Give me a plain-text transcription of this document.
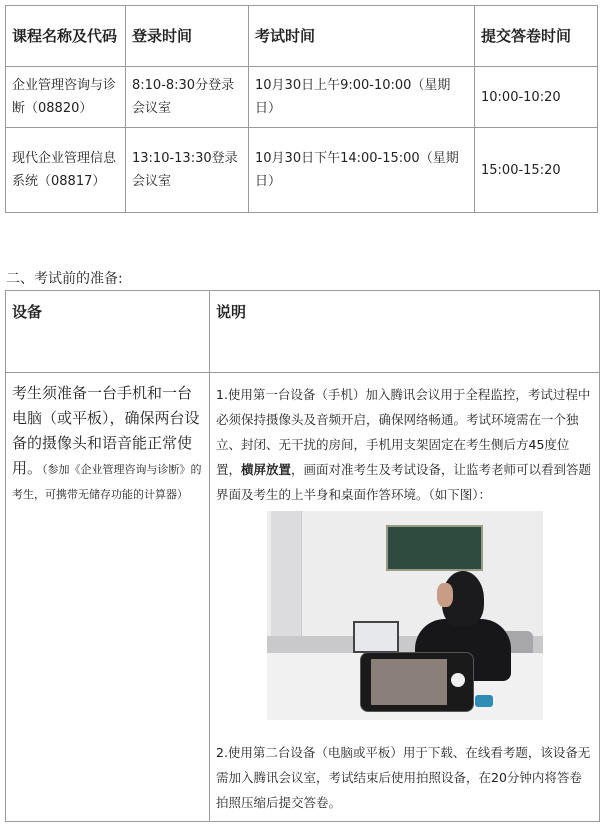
课程名称及代码	登录时间	考试时间	提交答卷时间
企业管理咨询与诊断（08820）	8:10-8:30分登录会议室	10月30日上午9:00-10:00（星期日）	10:00-10:20
现代企业管理信息系统（08817）	13:10-13:30登录会议室	10月30日下午14:00-15:00（星期日）	15:00-15:20
二、考试前的准备:
设备	说明
考生须准备一台手机和一台电脑（或平板），确保两台设备的摄像头和语音能正常使用。（参加《企业管理咨询与诊断》的考生，可携带无储存功能的计算器）	1.使用第一台设备（手机）加入腾讯会议用于全程监控，考试过程中必须保持摄像头及音频开启，确保网络畅通。考试环境需在一个独立、封闭、无干扰的房间，手机用支架固定在考生侧后方45度位置，横屏放置，画面对准考生及考试设备，让监考老师可以看到答题界面及考生的上半身和桌面作答环境。（如下图）：
2.使用第二台设备（电脑或平板）用于下载、在线看考题，该设备无需加入腾讯会议室，考试结束后使用拍照设备，在20分钟内将答卷拍照压缩后提交答卷。
